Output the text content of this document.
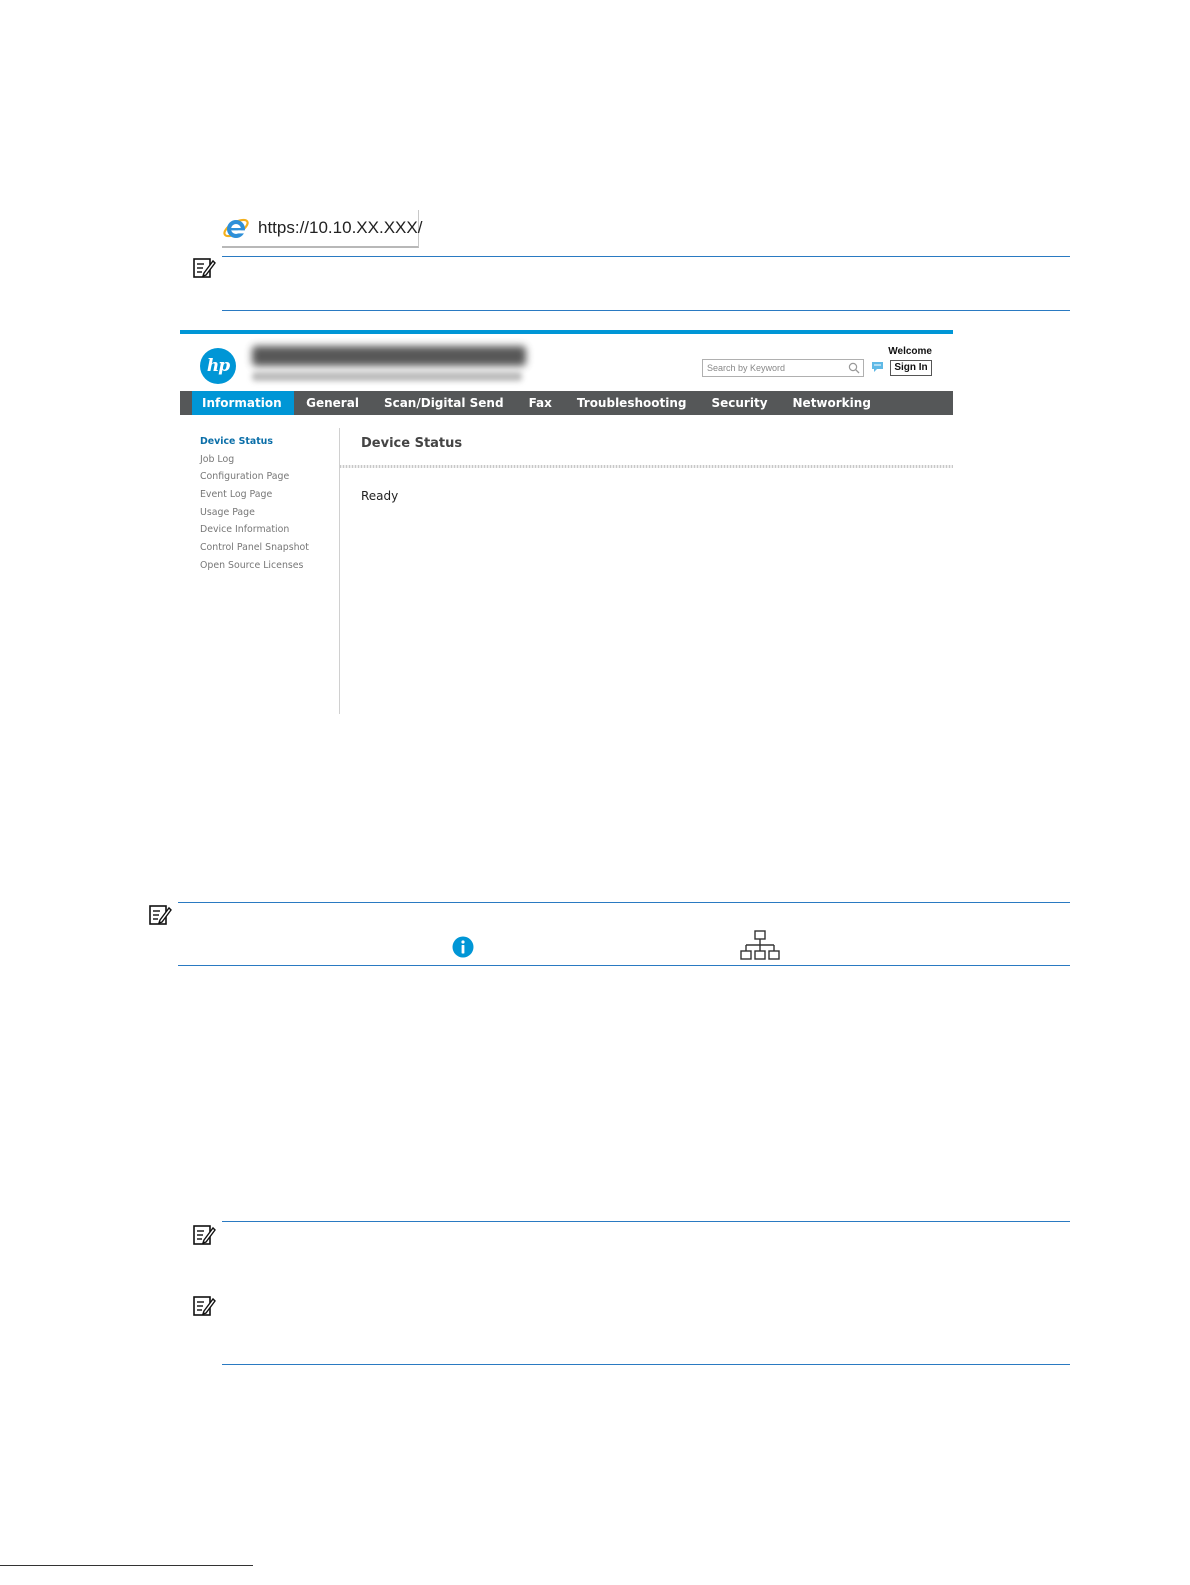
https://10.10.XX.XXX/
hp
Search by Keyword
Welcome
Sign In
Information	General	Scan/Digital Send	Fax	Troubleshooting	Security	Networking
Device Status
Job Log
Configuration Page
Event Log Page
Usage Page
Device Information
Control Panel Snapshot
Open Source Licenses
Device Status
Ready
